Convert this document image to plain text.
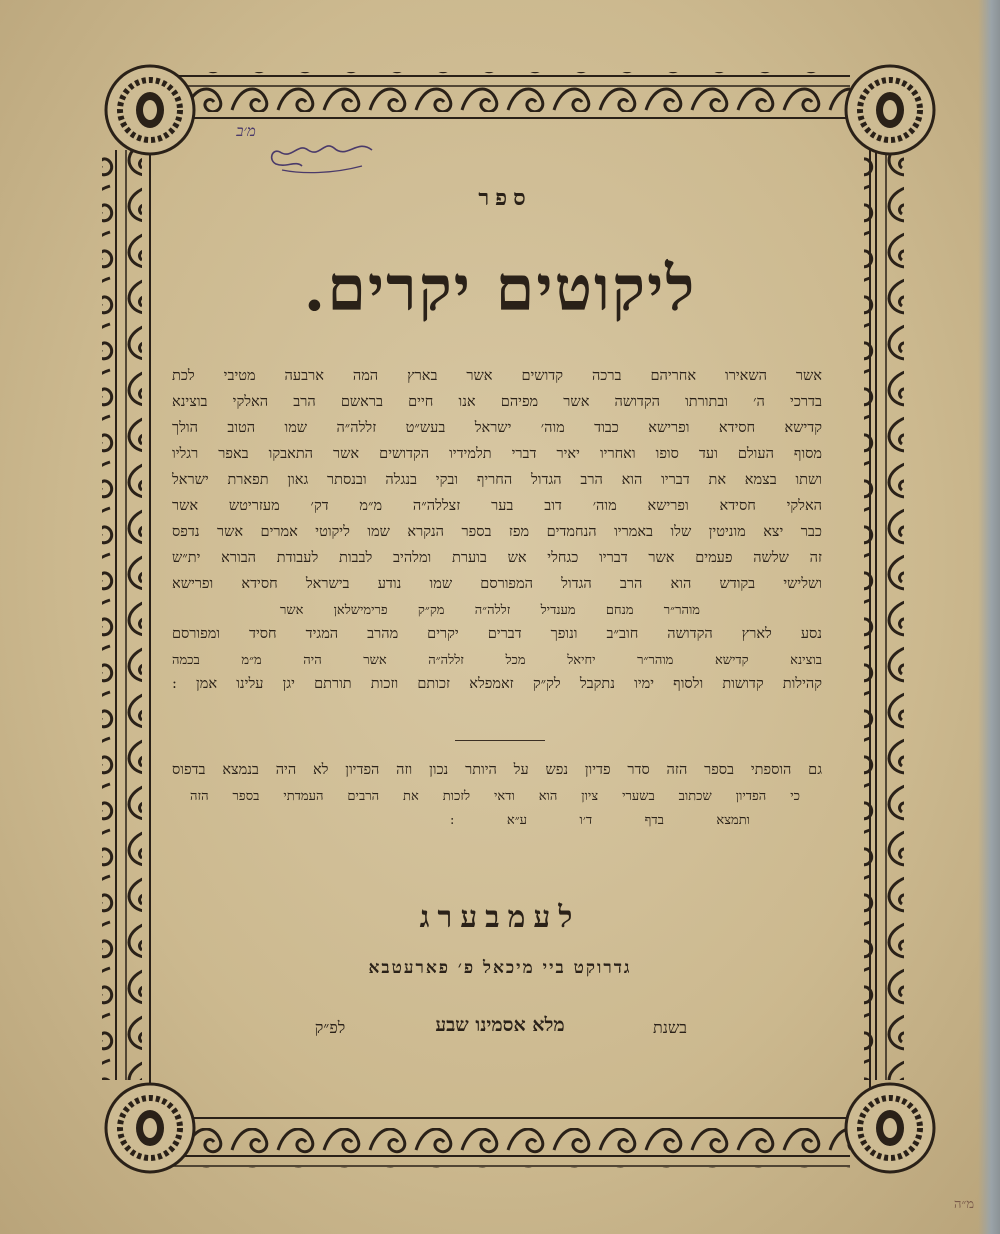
מ׳ב
ספר
ליקוטים יקרים.
אשר השאירו אחריהם ברכה קדושים אשר בארץ המה ארבעה מטיבי לכת
בדרכי ה׳ ובתורתו הקדושה אשר מפיהם אנו חיים בראשם הרב האלקי בוצינא
קדישא חסידא ופרישא כבוד מוה׳ ישראל בעש״ט זללה״ה שמו הטוב הולך
מסוף העולם ועד סופו ואחריו יאיר דברי תלמידיו הקדושים אשר התאבקו באפר רגליו
ושתו בצמא את דבריו הוא הרב הגדול החריף ובקי בנגלה ובנסתר גאון תפארת ישראל
האלקי חסידא ופרישא מוה׳ דוב בער זצללה״ה מ״מ דק׳ מעזריטש אשר
כבר יצא מוניטין שלו באמריו הנחמדים מפז בספר הנקרא שמו ליקוטי אמרים אשר נדפס
זה שלשה פעמים אשר דבריו כגחלי אש בוערת ומלהיב לבבות לעבודת הבורא ית״ש
ושלישי בקודש הוא הרב הגדול המפורסם שמו נודע בישראל חסידא ופרישא
מוהר״ר מנחם מענדיל זללה״ה מק״ק פרימישלאן אשר
נסע לארץ הקדושה חוב״ב ונופך דברים יקרים מהרב המגיד חסיד ומפורסם
בוצינא קדישא מוהר״ר יחיאל מכל זללה״ה אשר היה מ״מ בכמה
קהילות קדושות ולסוף ימיו נתקבל לק״ק זאמפלא זכותם וזכות תורתם יגן עלינו אמן :
גם הוספתי בספר הזה סדר פדיון נפש על היותר נכון וזה הפדיון לא היה בנמצא בדפוס
כי הפדיון שכתוב בשערי ציון הוא ודאי לזכות את הרבים העמדתי בספר הזה
ותמצא בדף ד׳ו ע״א :
לעמבערג
גדרוקט ביי מיכאל פ׳ פארעטבא
בשנת
מלא אסמינו שבע
לפ״ק
מ״ה
